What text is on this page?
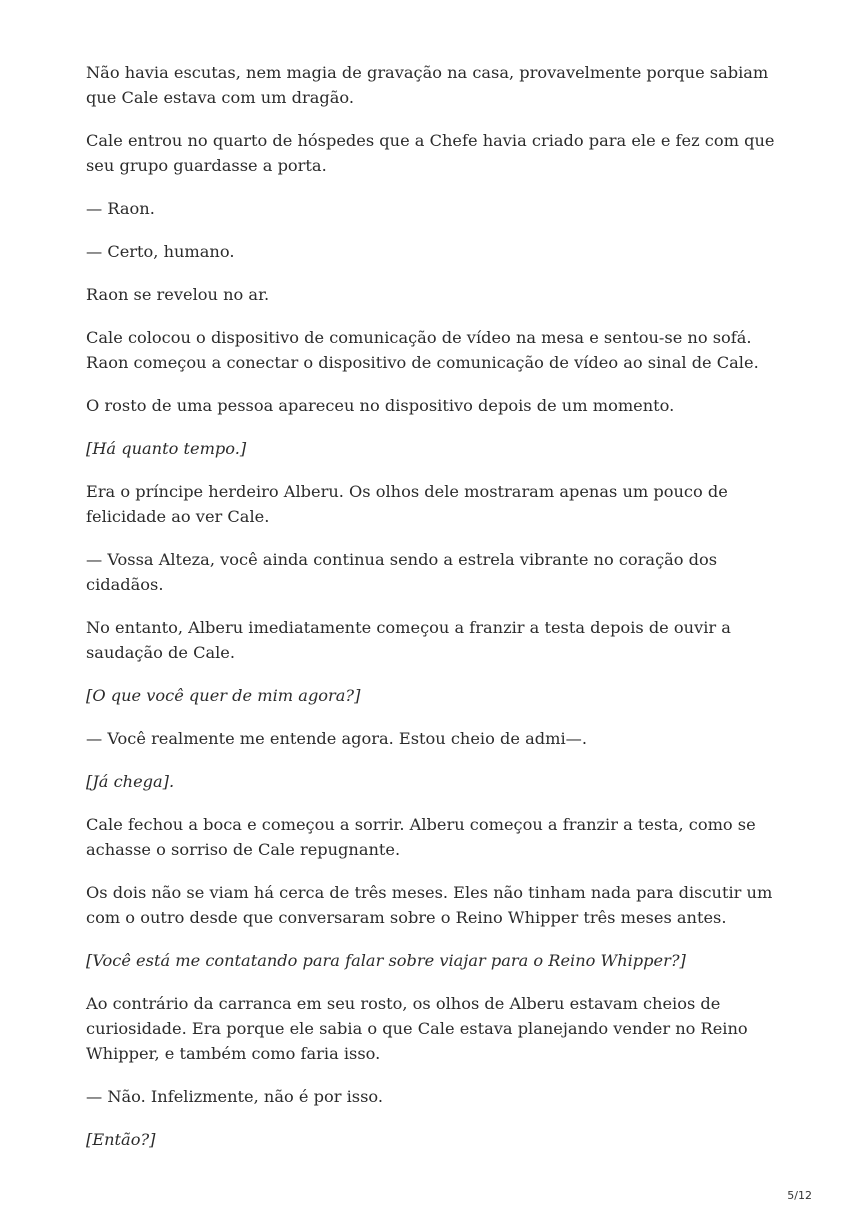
Não havia escutas, nem magia de gravação na casa, provavelmente porque sabiam que Cale estava com um dragão.

Cale entrou no quarto de hóspedes que a Chefe havia criado para ele e fez com que seu grupo guardasse a porta.

— Raon.

— Certo, humano.

Raon se revelou no ar.

Cale colocou o dispositivo de comunicação de vídeo na mesa e sentou-se no sofá. Raon começou a conectar o dispositivo de comunicação de vídeo ao sinal de Cale.

O rosto de uma pessoa apareceu no dispositivo depois de um momento.

[Há quanto tempo.]

Era o príncipe herdeiro Alberu. Os olhos dele mostraram apenas um pouco de felicidade ao ver Cale.

— Vossa Alteza, você ainda continua sendo a estrela vibrante no coração dos cidadãos.

No entanto, Alberu imediatamente começou a franzir a testa depois de ouvir a saudação de Cale.

[O que você quer de mim agora?]

— Você realmente me entende agora. Estou cheio de admi—.

[Já chega].

Cale fechou a boca e começou a sorrir. Alberu começou a franzir a testa, como se achasse o sorriso de Cale repugnante.

Os dois não se viam há cerca de três meses. Eles não tinham nada para discutir um com o outro desde que conversaram sobre o Reino Whipper três meses antes.

[Você está me contatando para falar sobre viajar para o Reino Whipper?]

Ao contrário da carranca em seu rosto, os olhos de Alberu estavam cheios de curiosidade. Era porque ele sabia o que Cale estava planejando vender no Reino Whipper, e também como faria isso.

— Não. Infelizmente, não é por isso.

[Então?]

5/12
